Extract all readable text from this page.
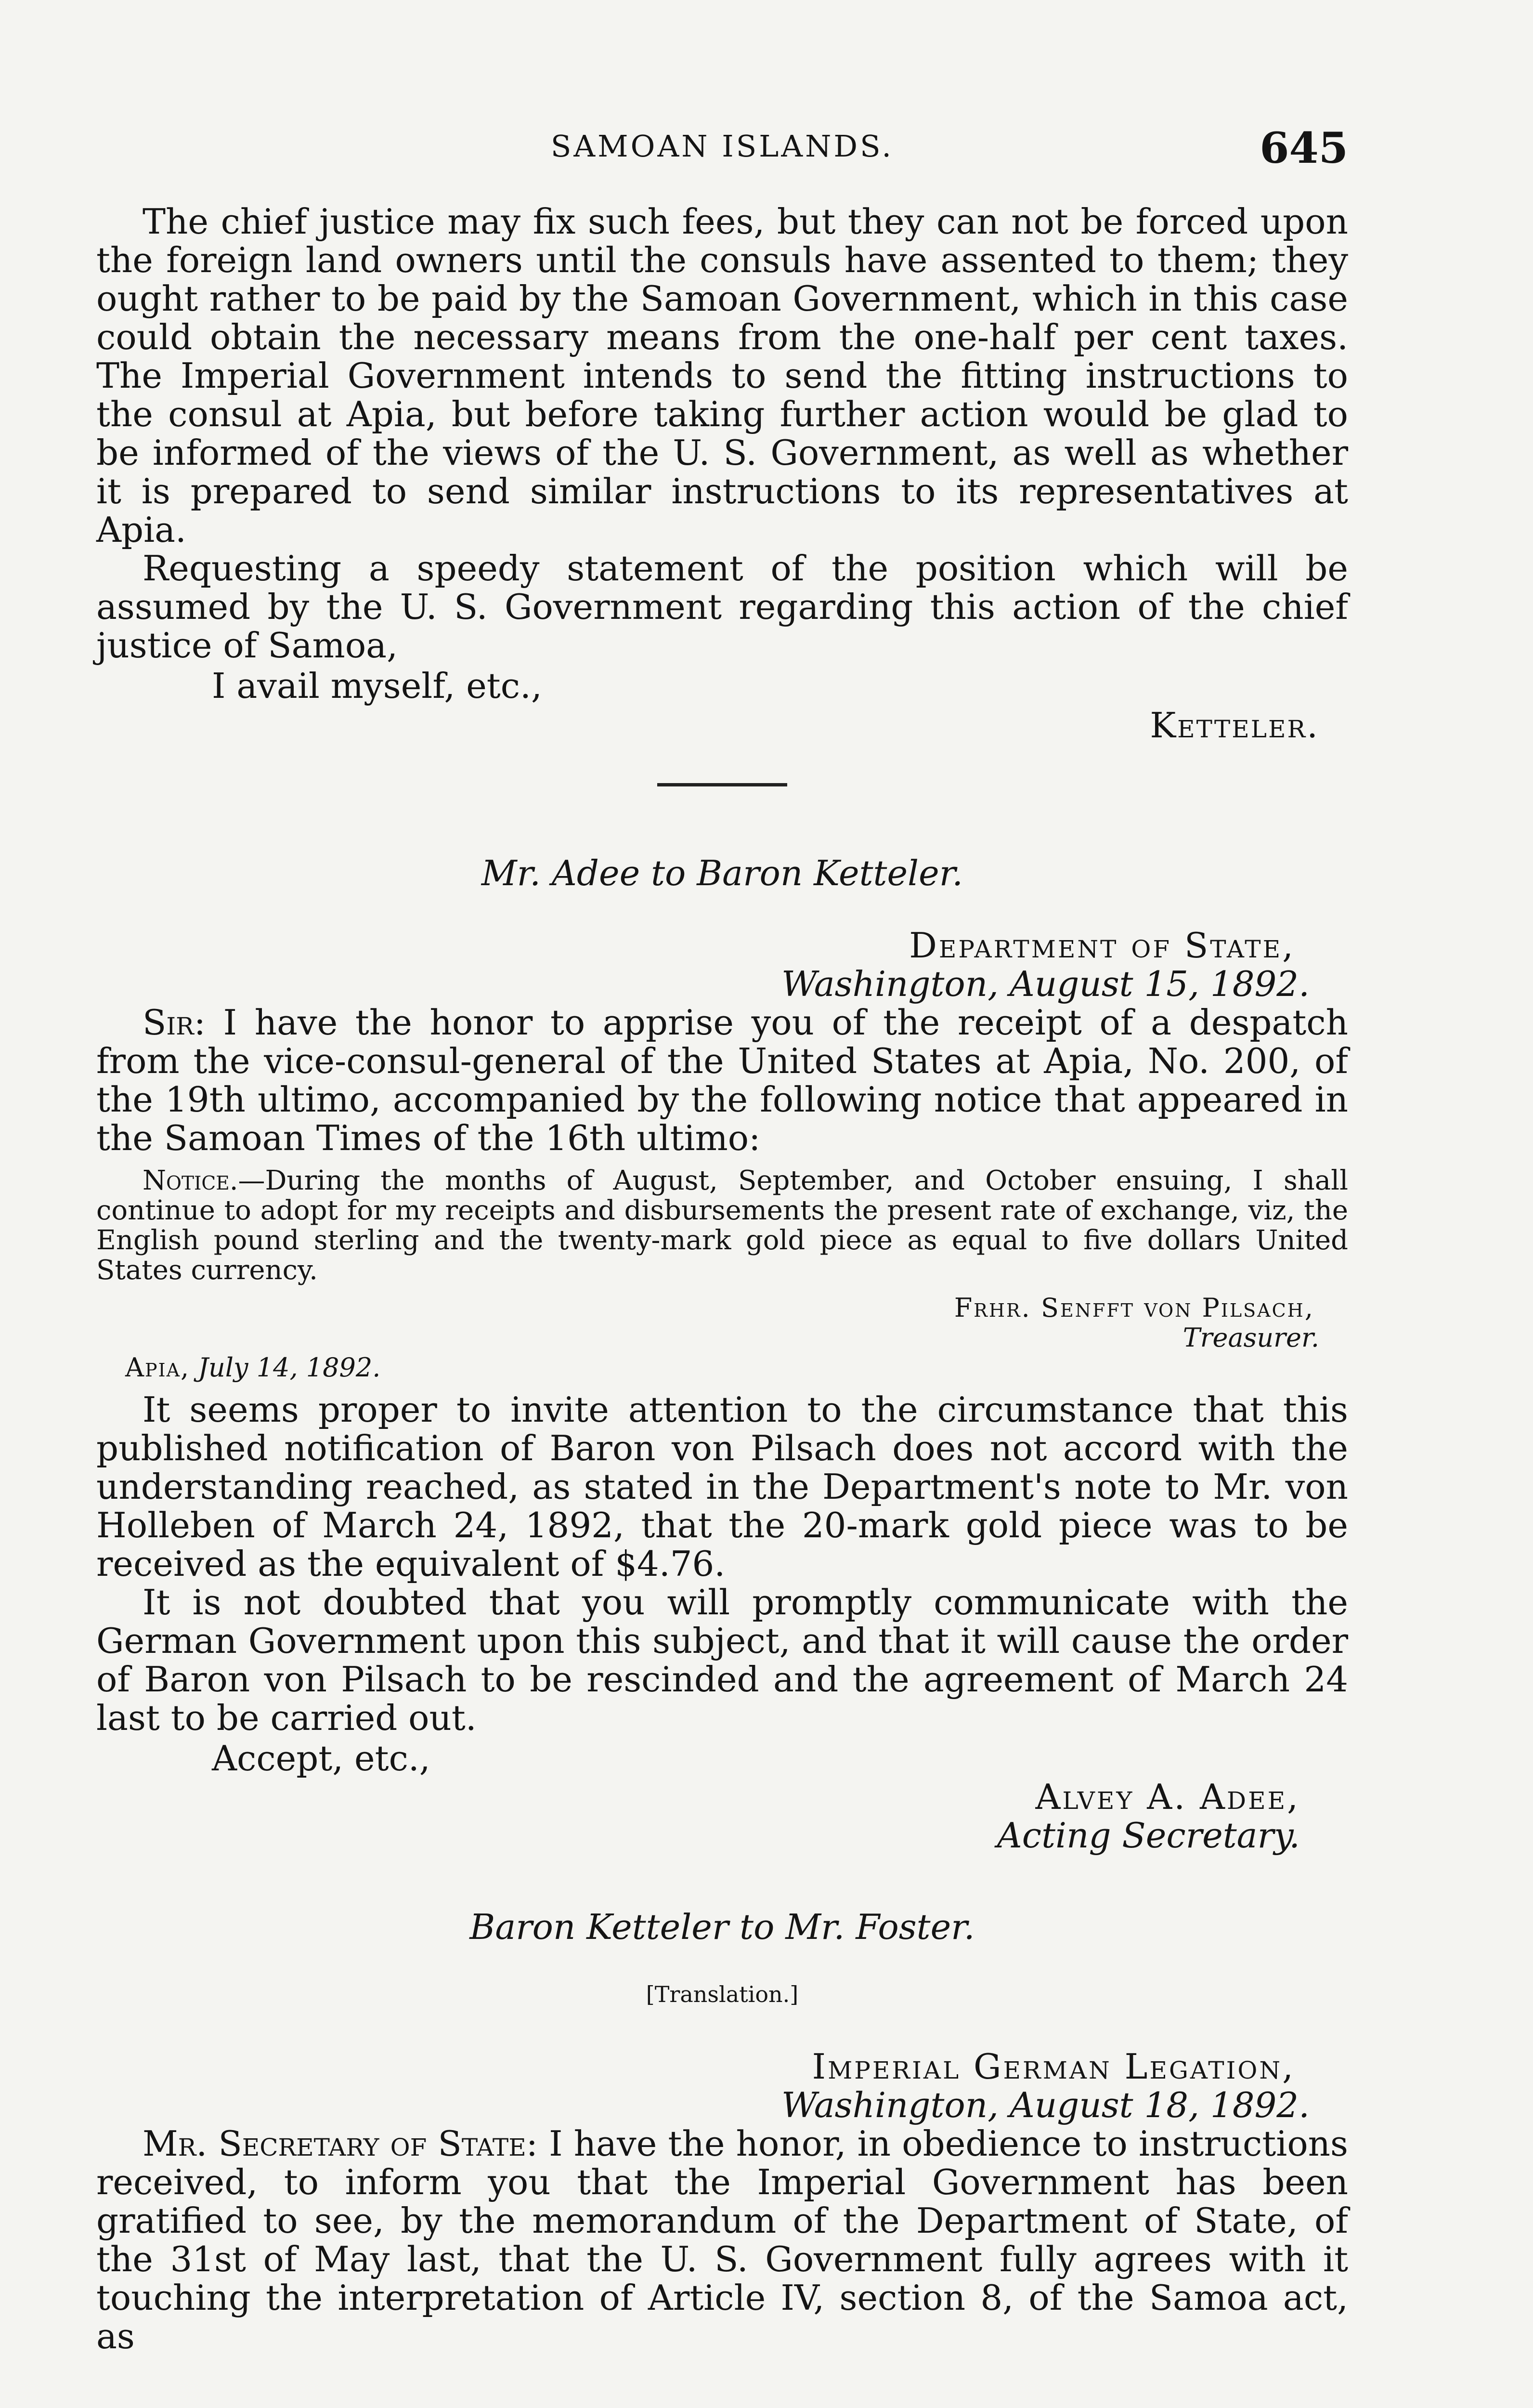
SAMOAN ISLANDS.	645

The chief justice may fix such fees, but they can not be forced upon the foreign land owners until the consuls have assented to them; they ought rather to be paid by the Samoan Government, which in this case could obtain the necessary means from the one-half per cent taxes. The Imperial Government intends to send the fitting instructions to the consul at Apia, but before taking further action would be glad to be informed of the views of the U. S. Government, as well as whether it is prepared to send similar instructions to its representatives at Apia.

Requesting a speedy statement of the position which will be assumed by the U. S. Government regarding this action of the chief justice of Samoa,

I avail myself, etc.,

Ketteler.

Mr. Adee to Baron Ketteler.

Department of State,
Washington, August 15, 1892.

Sir: I have the honor to apprise you of the receipt of a despatch from the vice-consul-general of the United States at Apia, No. 200, of the 19th ultimo, accompanied by the following notice that appeared in the Samoan Times of the 16th ultimo:

Notice.—During the months of August, September, and October ensuing, I shall continue to adopt for my receipts and disbursements the present rate of exchange, viz, the English pound sterling and the twenty-mark gold piece as equal to five dollars United States currency.

Frhr. Senfft von Pilsach,
Treasurer.

Apia, July 14, 1892.

It seems proper to invite attention to the circumstance that this published notification of Baron von Pilsach does not accord with the understanding reached, as stated in the Department's note to Mr. von Holleben of March 24, 1892, that the 20-mark gold piece was to be received as the equivalent of $4.76.

It is not doubted that you will promptly communicate with the German Government upon this subject, and that it will cause the order of Baron von Pilsach to be rescinded and the agreement of March 24 last to be carried out.

Accept, etc.,

Alvey A. Adee,
Acting Secretary.

Baron Ketteler to Mr. Foster.

[Translation.]

Imperial German Legation,
Washington, August 18, 1892.

Mr. Secretary of State: I have the honor, in obedience to instructions received, to inform you that the Imperial Government has been gratified to see, by the memorandum of the Department of State, of the 31st of May last, that the U. S. Government fully agrees with it touching the interpretation of Article IV, section 8, of the Samoa act, as
